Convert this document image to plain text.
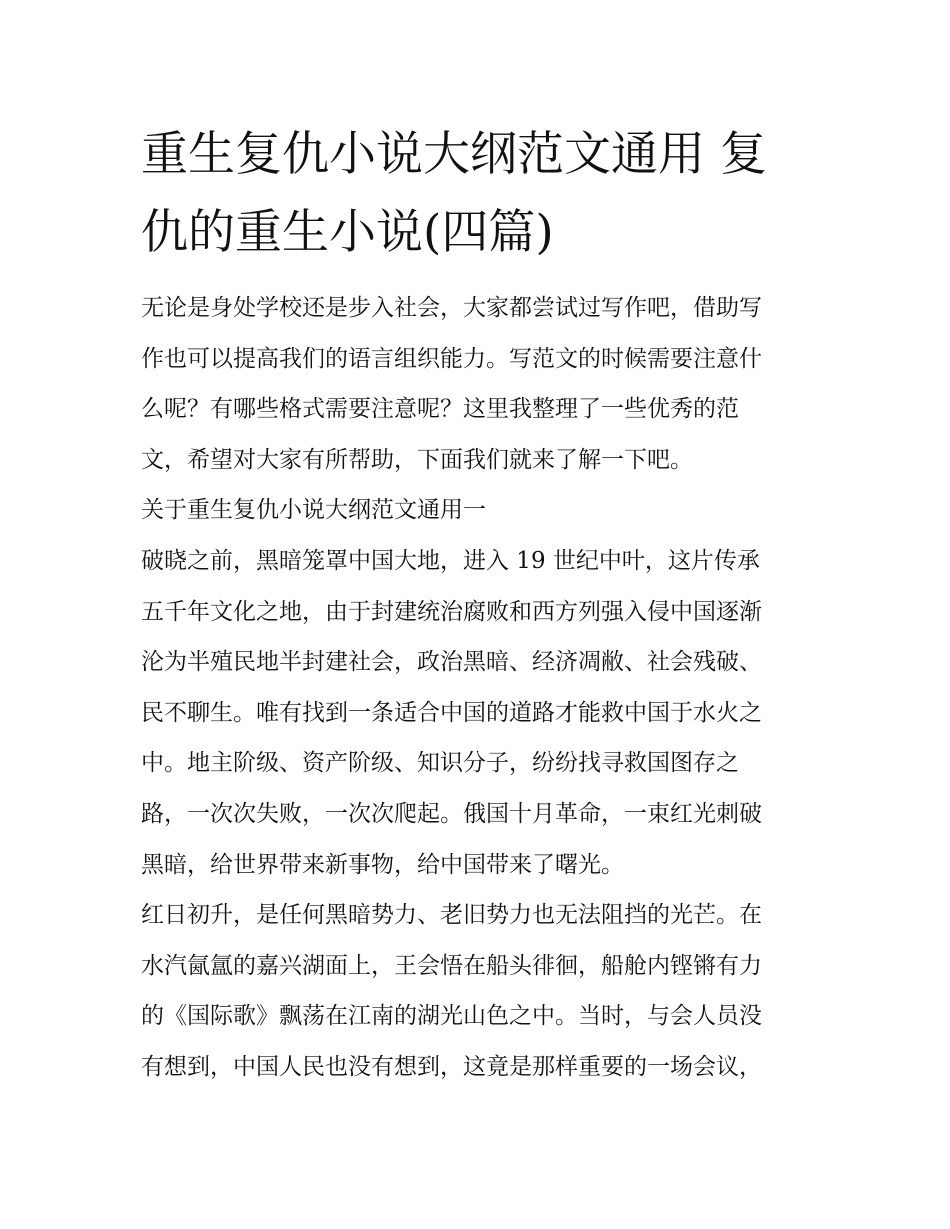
重生复仇小说大纲范文通用 复
仇的重生小说(四篇)
无论是身处学校还是步入社会，大家都尝试过写作吧，借助写
作也可以提高我们的语言组织能力。写范文的时候需要注意什
么呢？有哪些格式需要注意呢？这里我整理了一些优秀的范
文，希望对大家有所帮助，下面我们就来了解一下吧。
关于重生复仇小说大纲范文通用一
破晓之前，黑暗笼罩中国大地，进入 19 世纪中叶，这片传承
五千年文化之地，由于封建统治腐败和西方列强入侵中国逐渐
沦为半殖民地半封建社会，政治黑暗、经济凋敝、社会残破、
民不聊生。唯有找到一条适合中国的道路才能救中国于水火之
中。地主阶级、资产阶级、知识分子，纷纷找寻救国图存之
路，一次次失败，一次次爬起。俄国十月革命，一束红光刺破
黑暗，给世界带来新事物，给中国带来了曙光。
红日初升，是任何黑暗势力、老旧势力也无法阻挡的光芒。在
水汽氤氲的嘉兴湖面上，王会悟在船头徘徊，船舱内铿锵有力
的《国际歌》飘荡在江南的湖光山色之中。当时，与会人员没
有想到，中国人民也没有想到，这竟是那样重要的一场会议，
